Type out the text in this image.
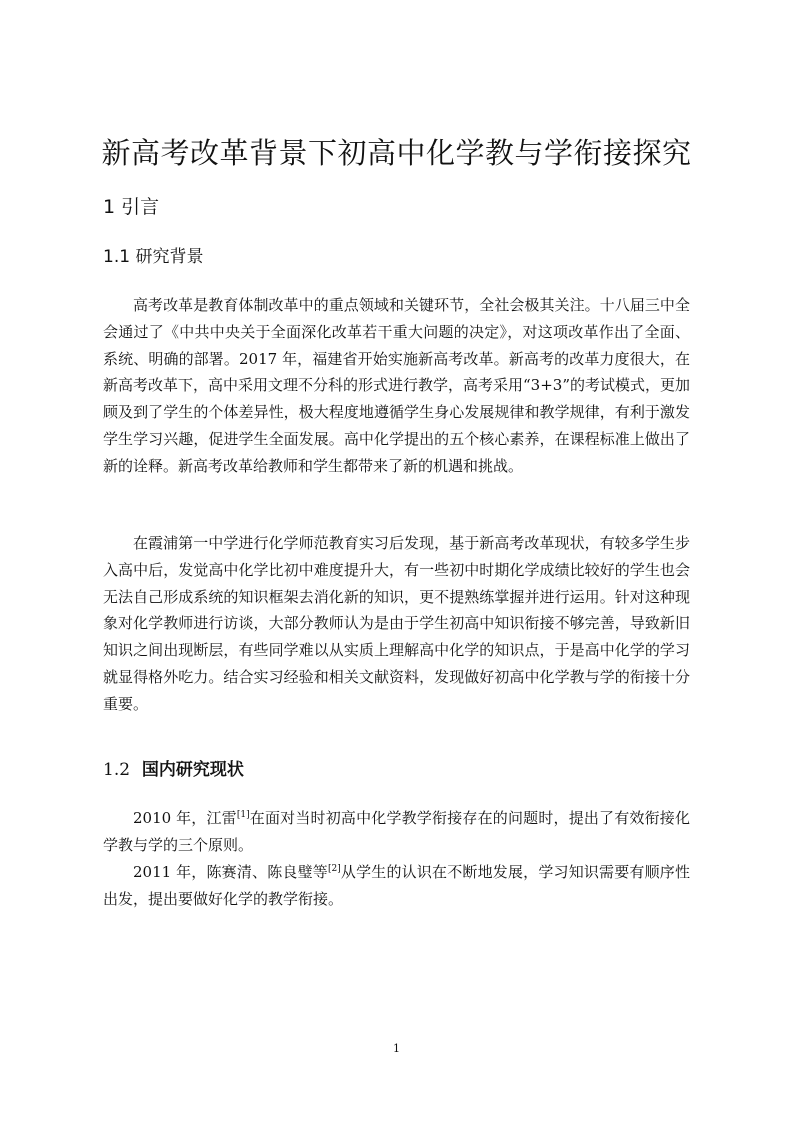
新高考改革背景下初高中化学教与学衔接探究
1 引言
1.1 研究背景

高考改革是教育体制改革中的重点领域和关键环节，全社会极其关注。十八届三中全会通过了《中共中央关于全面深化改革若干重大问题的决定》，对这项改革作出了全面、系统、明确的部署。2017 年，福建省开始实施新高考改革。新高考的改革力度很大，在新高考改革下，高中采用文理不分科的形式进行教学，高考采用“3+3”的考试模式，更加顾及到了学生的个体差异性，极大程度地遵循学生身心发展规律和教学规律，有利于激发学生学习兴趣，促进学生全面发展。高中化学提出的五个核心素养，在课程标准上做出了新的诠释。新高考改革给教师和学生都带来了新的机遇和挑战。

在霞浦第一中学进行化学师范教育实习后发现，基于新高考改革现状，有较多学生步入高中后，发觉高中化学比初中难度提升大，有一些初中时期化学成绩比较好的学生也会无法自己形成系统的知识框架去消化新的知识，更不提熟练掌握并进行运用。针对这种现象对化学教师进行访谈，大部分教师认为是由于学生初高中知识衔接不够完善，导致新旧知识之间出现断层，有些同学难以从实质上理解高中化学的知识点，于是高中化学的学习就显得格外吃力。结合实习经验和相关文献资料，发现做好初高中化学教与学的衔接十分重要。

1.2 国内研究现状

2010 年，江雷[1]在面对当时初高中化学教学衔接存在的问题时，提出了有效衔接化学教与学的三个原则。

2011 年，陈赛清、陈良璧等[2]从学生的认识在不断地发展，学习知识需要有顺序性出发，提出要做好化学的教学衔接。

1
